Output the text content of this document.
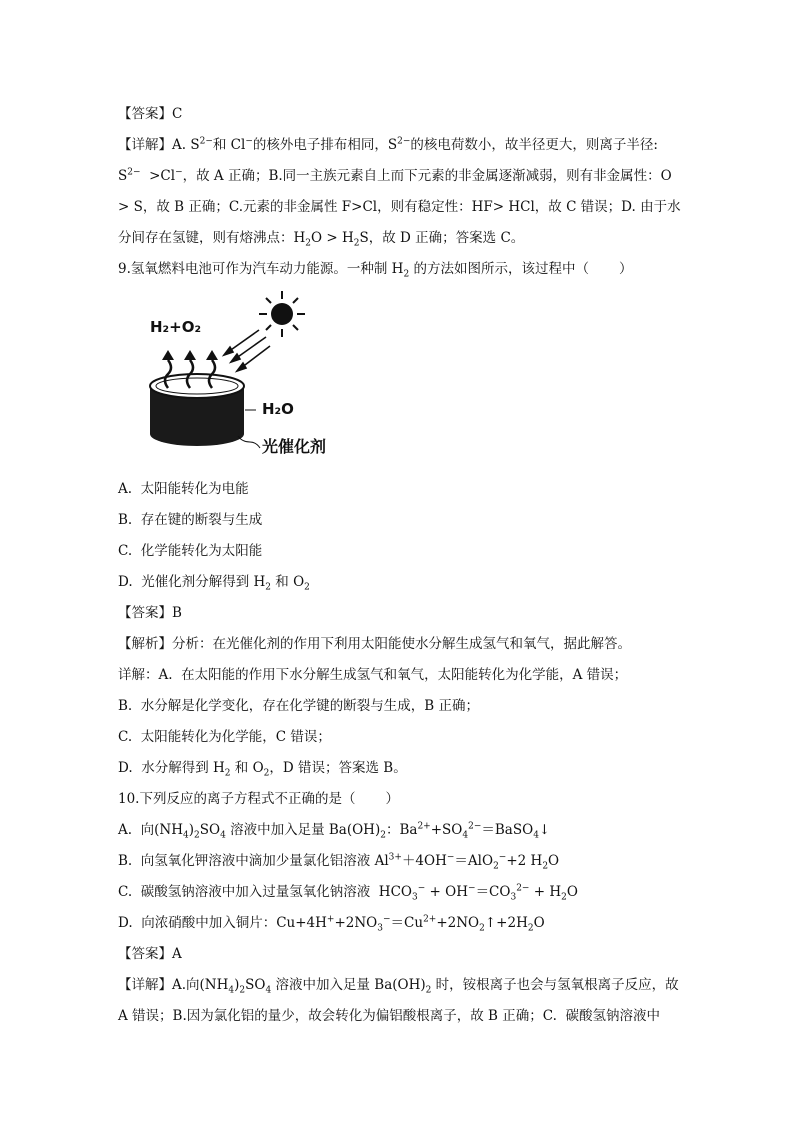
H₂+O₂
H₂O
光催化剂
【答案】C
【详解】A. $S^{2-}$和 Cl−的核外电子排布相同，$S^{2-}$的核电荷数小，故半径更大，则离子半径:
$S^{2-} >Cl^-$，故 A 正确；B.同一主族元素自上而下元素的非金属逐渐减弱，则有非金属性：O
> S，故 B 正确；C.元素的非金属性 F>Cl，则有稳定性：HF> HCl，故 C 错误；D. 由于水
分间存在氢键，则有熔沸点：$H_2O > H_2S$，故 D 正确；答案选 C。
9.氢氧燃料电池可作为汽车动力能源。一种制 $H_2$ 的方法如图所示，该过程中（       ）
A.  太阳能转化为电能
B.  存在键的断裂与生成
C.  化学能转化为太阳能
D.  光催化剂分解得到 $H_2$ 和 $O_2$
【答案】B
【解析】分析：在光催化剂的作用下利用太阳能使水分解生成氢气和氧气，据此解答。
详解：A.  在太阳能的作用下水分解生成氢气和氧气，太阳能转化为化学能，A 错误；
B.  水分解是化学变化，存在化学键的断裂与生成，B 正确；
C.  太阳能转化为化学能，C 错误；
D.  水分解得到 $H_2$ 和 $O_2$，D 错误；答案选 B。
10.下列反应的离子方程式不正确的是（       ）
A.  向$(NH_4)_2SO_4$ 溶液中加入足量 $Ba(OH)_2$：$Ba^{2+}+SO_4^{2-}=BaSO_4↓$
B.  向氢氧化钾溶液中滴加少量氯化铝溶液 $Al^{3+}+4OH^-=AlO_2^-+2$ $H_2O$
C.  碳酸氢钠溶液中加入过量氢氧化钠溶液  $HCO_3^- + OH^-=CO_3^{2-} + H_2O$
D.  向浓硝酸中加入铜片：$Cu+4H^++2NO_3^-=Cu^{2+}+2NO_2↑+2H_2O$
【答案】A
【详解】A.向$(NH_4)_2SO_4$ 溶液中加入足量 $Ba(OH)_2$ 时，铵根离子也会与氢氧根离子反应，故
A 错误；B.因为氯化铝的量少，故会转化为偏铝酸根离子，故 B 正确；C.  碳酸氢钠溶液中
